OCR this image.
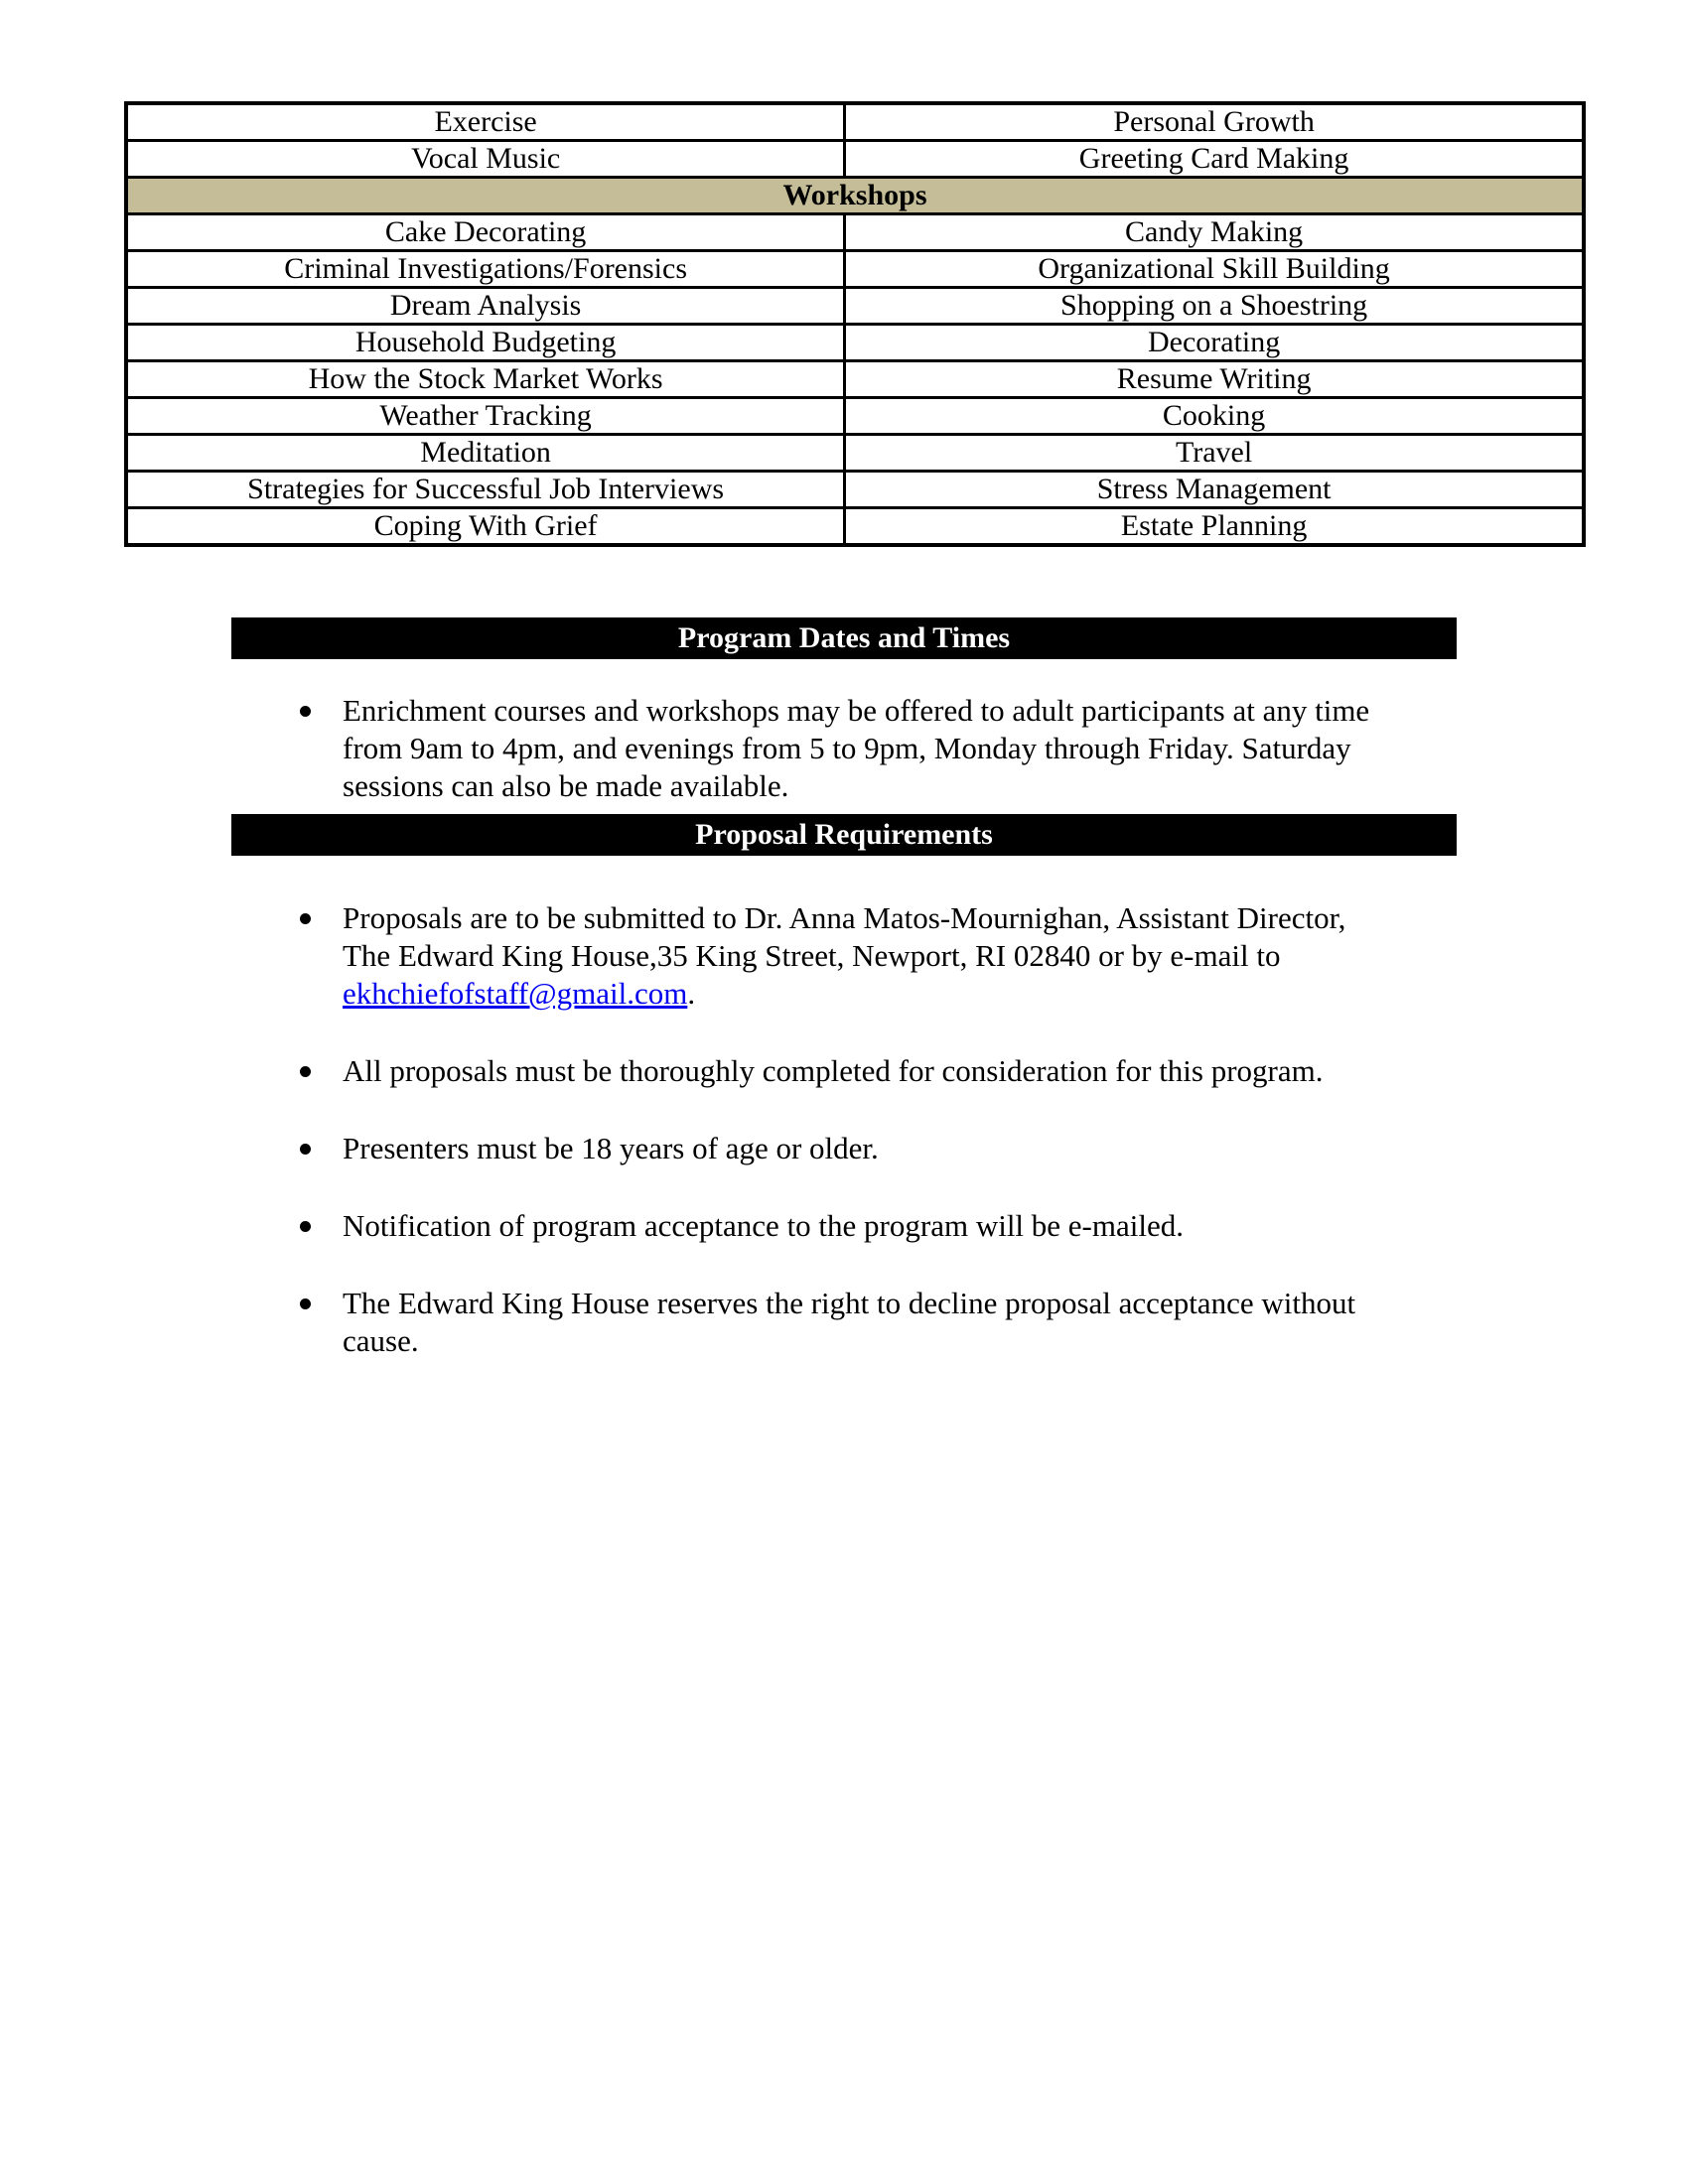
Exercise	Personal Growth
Vocal Music	Greeting Card Making
Workshops	
Cake Decorating	Candy Making
Criminal Investigations/Forensics	Organizational Skill Building
Dream Analysis	Shopping on a Shoestring
Household Budgeting	Decorating
How the Stock Market Works	Resume Writing
Weather Tracking	Cooking
Meditation	Travel
Strategies for Successful Job Interviews	Stress Management
Coping With Grief	Estate Planning
Program Dates and Times
Enrichment courses and workshops may be offered to adult participants at any time from 9am to 4pm, and evenings from 5 to 9pm, Monday through Friday. Saturday sessions can also be made available.
Proposal Requirements
Proposals are to be submitted to Dr. Anna Matos-Mournighan, Assistant Director, The Edward King House,35 King Street, Newport, RI 02840 or by e-mail to ekhchiefofstaff@gmail.com.
All proposals must be thoroughly completed for consideration for this program.
Presenters must be 18 years of age or older.
Notification of program acceptance to the program will be e-mailed.
The Edward King House reserves the right to decline proposal acceptance without cause.
